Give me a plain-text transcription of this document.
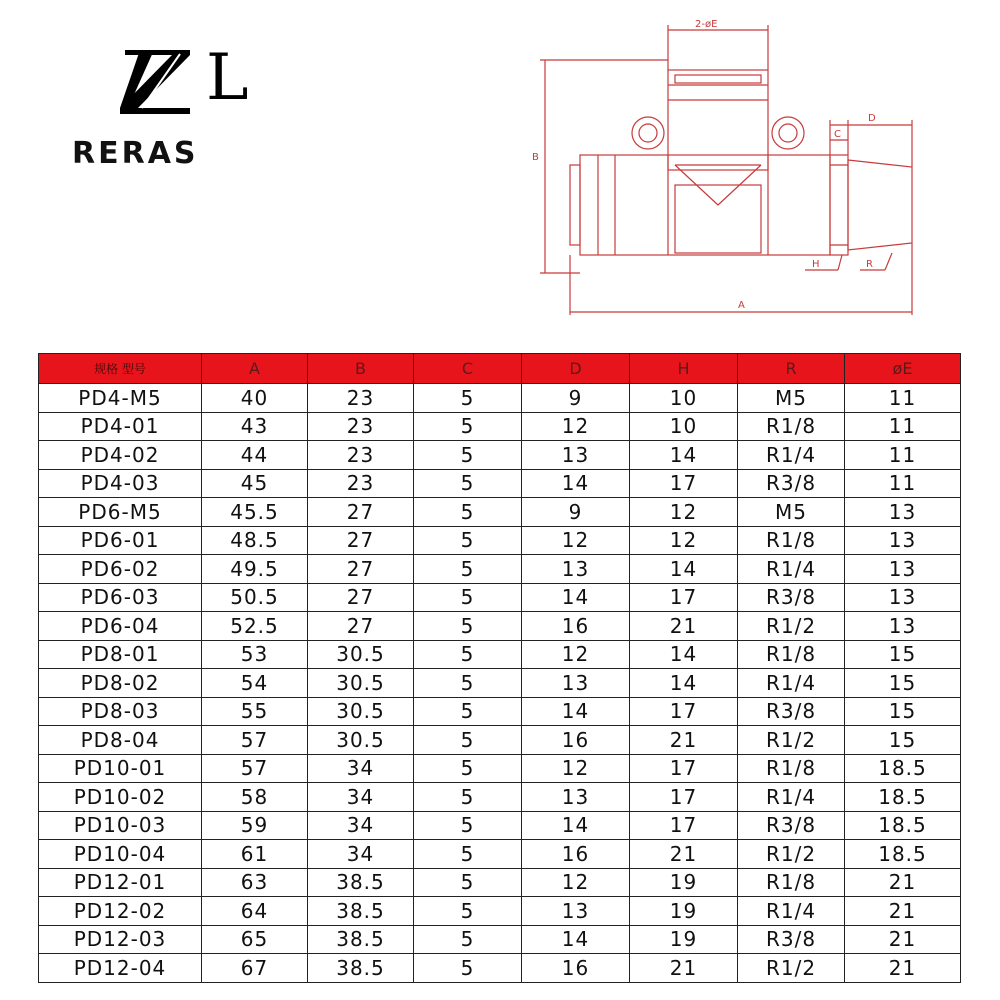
L
RERAS
2-øE
B
C
D
H	R
A
规格 型号	A	B	C	D	H	R	øE
PD4-M5	40	23	5	9	10	M5	11
PD4-01	43	23	5	12	10	R1/8	11
PD4-02	44	23	5	13	14	R1/4	11
PD4-03	45	23	5	14	17	R3/8	11
PD6-M5	45.5	27	5	9	12	M5	13
PD6-01	48.5	27	5	12	12	R1/8	13
PD6-02	49.5	27	5	13	14	R1/4	13
PD6-03	50.5	27	5	14	17	R3/8	13
PD6-04	52.5	27	5	16	21	R1/2	13
PD8-01	53	30.5	5	12	14	R1/8	15
PD8-02	54	30.5	5	13	14	R1/4	15
PD8-03	55	30.5	5	14	17	R3/8	15
PD8-04	57	30.5	5	16	21	R1/2	15
PD10-01	57	34	5	12	17	R1/8	18.5
PD10-02	58	34	5	13	17	R1/4	18.5
PD10-03	59	34	5	14	17	R3/8	18.5
PD10-04	61	34	5	16	21	R1/2	18.5
PD12-01	63	38.5	5	12	19	R1/8	21
PD12-02	64	38.5	5	13	19	R1/4	21
PD12-03	65	38.5	5	14	19	R3/8	21
PD12-04	67	38.5	5	16	21	R1/2	21
